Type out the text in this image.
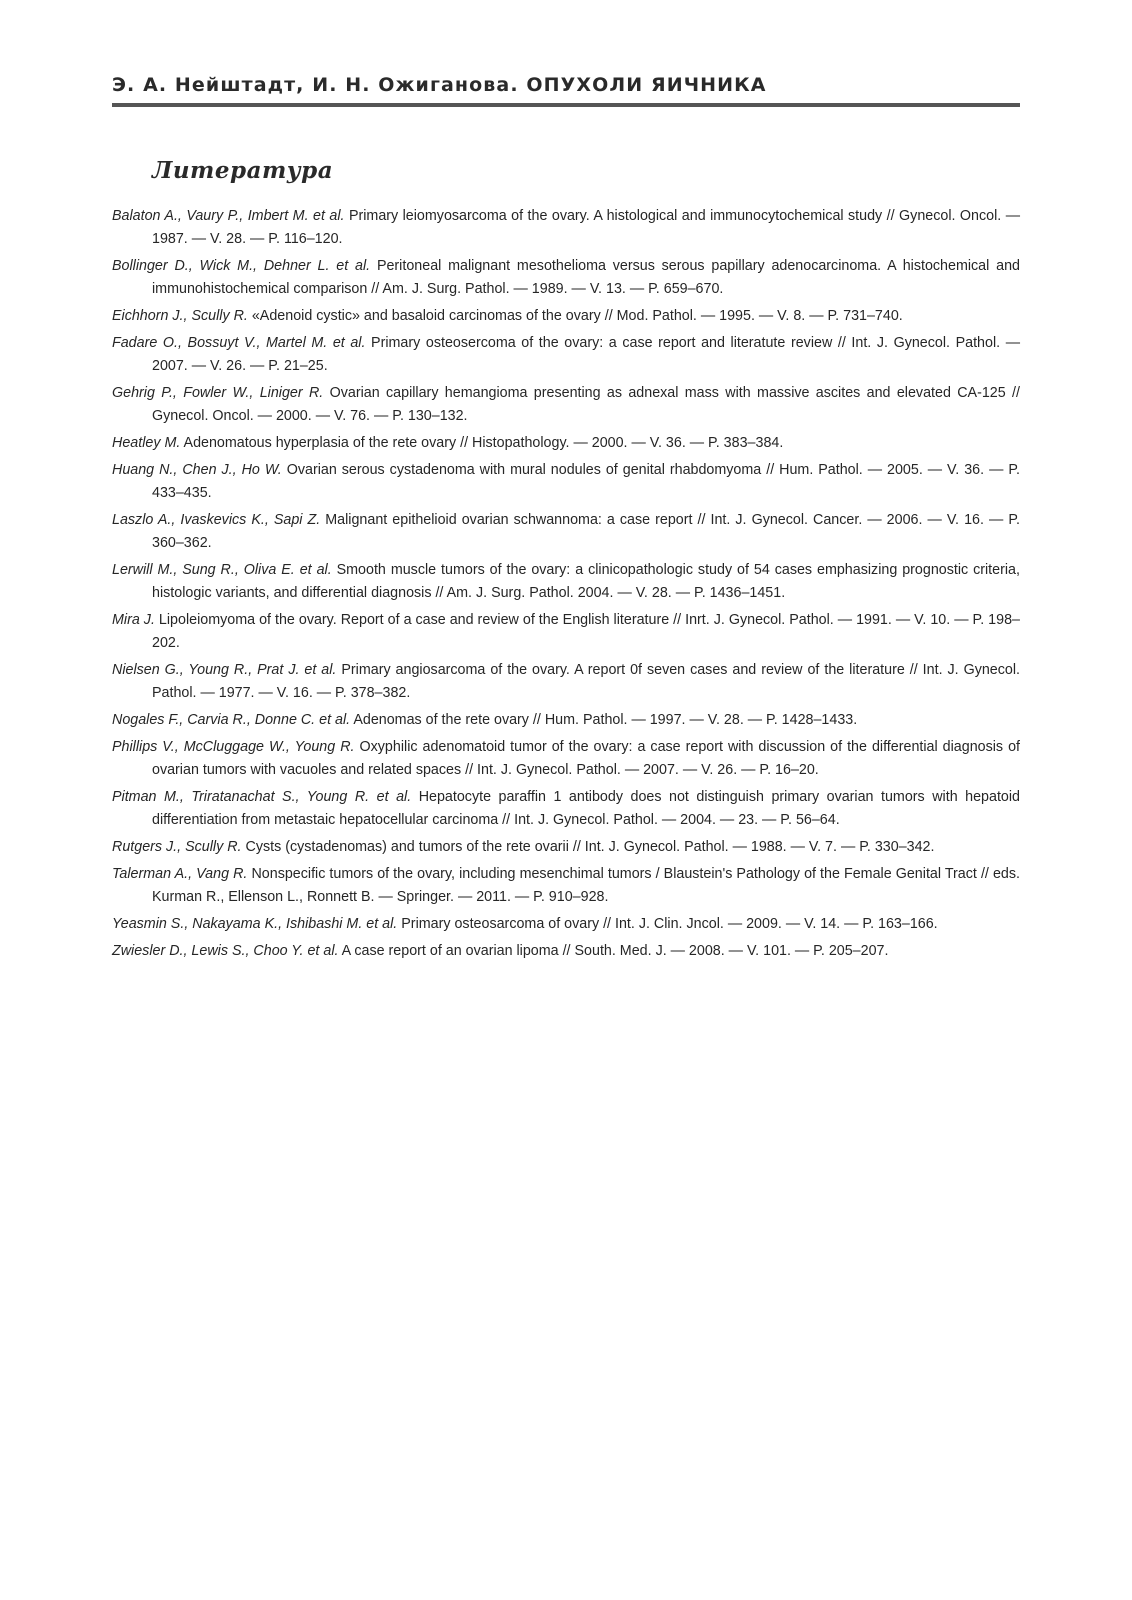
Э. А. Нейштадт, И. Н. Ожиганова. ОПУХОЛИ ЯИЧНИКА
Литература
Balaton A., Vaury P., Imbert M. et al. Primary leiomyosarcoma of the ovary. A histological and immunocytochemical study // Gynecol. Oncol. — 1987. — V. 28. — P. 116–120.
Bollinger D., Wick M., Dehner L. et al. Peritoneal malignant mesothelioma versus serous papillary adenocarcinoma. A histochemical and immunohistochemical comparison // Am. J. Surg. Pathol. — 1989. — V. 13. — P. 659–670.
Eichhorn J., Scully R. «Adenoid cystic» and basaloid carcinomas of the ovary // Mod. Pathol. — 1995. — V. 8. — P. 731–740.
Fadare O., Bossuyt V., Martel M. et al. Primary osteosercoma of the ovary: a case report and literatute review // Int. J. Gynecol. Pathol. — 2007. — V. 26. — P. 21–25.
Gehrig P., Fowler W., Liniger R. Ovarian capillary hemangioma presenting as adnexal mass with massive ascites and elevated CA-125 // Gynecol. Oncol. — 2000. — V. 76. — P. 130–132.
Heatley M. Adenomatous hyperplasia of the rete ovary // Histopathology. — 2000. — V. 36. — P. 383–384.
Huang N., Chen J., Ho W. Ovarian serous cystadenoma with mural nodules of genital rhabdomyoma // Hum. Pathol. — 2005. — V. 36. — P. 433–435.
Laszlo A., Ivaskevics K., Sapi Z. Malignant epithelioid ovarian schwannoma: a case report // Int. J. Gynecol. Cancer. — 2006. — V. 16. — P. 360–362.
Lerwill M., Sung R., Oliva E. et al. Smooth muscle tumors of the ovary: a clinicopathologic study of 54 cases emphasizing prognostic criteria, histologic variants, and differential diagnosis // Am. J. Surg. Pathol. 2004. — V. 28. — P. 1436–1451.
Mira J. Lipoleiomyoma of the ovary. Report of a case and review of the English literature // Inrt. J. Gynecol. Pathol. — 1991. — V. 10. — P. 198–202.
Nielsen G., Young R., Prat J. et al. Primary angiosarcoma of the ovary. A report 0f seven cases and review of the literature // Int. J. Gynecol. Pathol. — 1977. — V. 16. — P. 378–382.
Nogales F., Carvia R., Donne C. et al. Adenomas of the rete ovary // Hum. Pathol. — 1997. — V. 28. — P. 1428–1433.
Phillips V., McCluggage W., Young R. Oxyphilic adenomatoid tumor of the ovary: a case report with discussion of the differential diagnosis of ovarian tumors with vacuoles and related spaces // Int. J. Gynecol. Pathol. — 2007. — V. 26. — P. 16–20.
Pitman M., Triratanachat S., Young R. et al. Hepatocyte paraffin 1 antibody does not distinguish primary ovarian tumors with hepatoid differentiation from metastaic hepatocellular carcinoma // Int. J. Gynecol. Pathol. — 2004. — 23. — P. 56–64.
Rutgers J., Scully R. Cysts (cystadenomas) and tumors of the rete ovarii // Int. J. Gynecol. Pathol. — 1988. — V. 7. — P. 330–342.
Talerman A., Vang R. Nonspecific tumors of the ovary, including mesenchimal tumors / Blaustein's Pathology of the Female Genital Tract // eds. Kurman R., Ellenson L., Ronnett B. — Springer. — 2011. — P. 910–928.
Yeasmin S., Nakayama K., Ishibashi M. et al. Primary osteosarcoma of ovary // Int. J. Clin. Jncol. — 2009. — V. 14. — P. 163–166.
Zwiesler D., Lewis S., Choo Y. et al. A case report of an ovarian lipoma // South. Med. J. — 2008. — V. 101. — P. 205–207.
